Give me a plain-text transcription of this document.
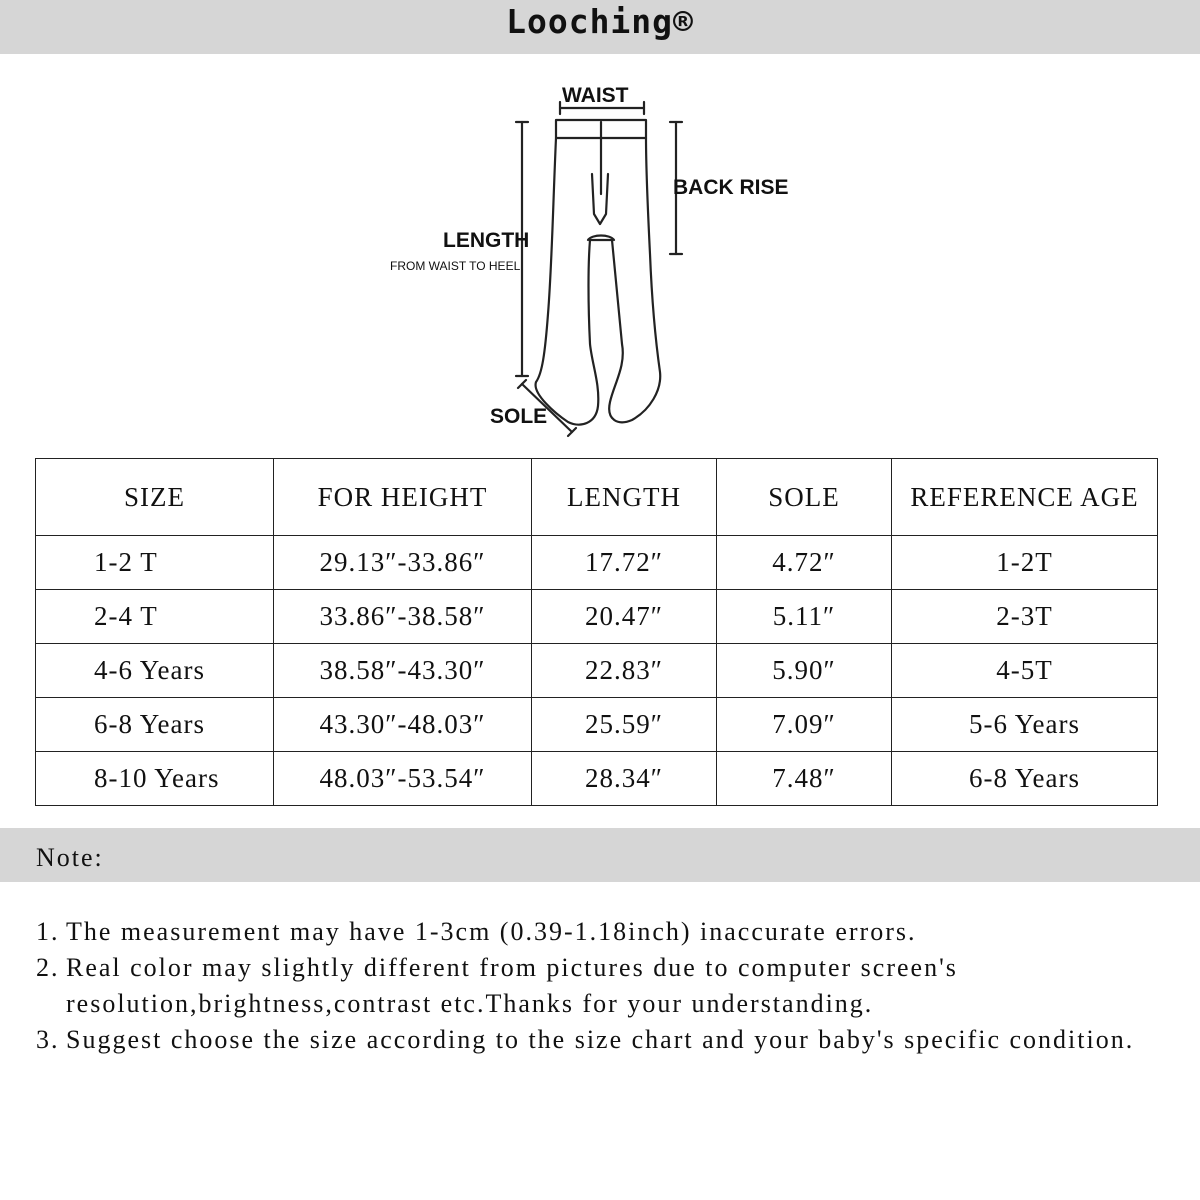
Looching®
WAIST
BACK RISE
LENGTH
FROM WAIST TO HEEL
SOLE
SIZE	FOR HEIGHT	LENGTH	SOLE	REFERENCE AGE
1-2 T	29.13″-33.86″	17.72″	4.72″	1-2T
2-4 T	33.86″-38.58″	20.47″	5.11″	2-3T
4-6 Years	38.58″-43.30″	22.83″	5.90″	4-5T
6-8 Years	43.30″-48.03″	25.59″	7.09″	5-6 Years
8-10 Years	48.03″-53.54″	28.34″	7.48″	6-8 Years
Note:
1. The measurement may have 1-3cm (0.39-1.18inch) inaccurate errors.
2. Real color may slightly different from pictures due to computer screen's resolution,brightness,contrast etc.Thanks for your understanding.
3. Suggest choose the size according to the size chart and your baby's specific condition.
